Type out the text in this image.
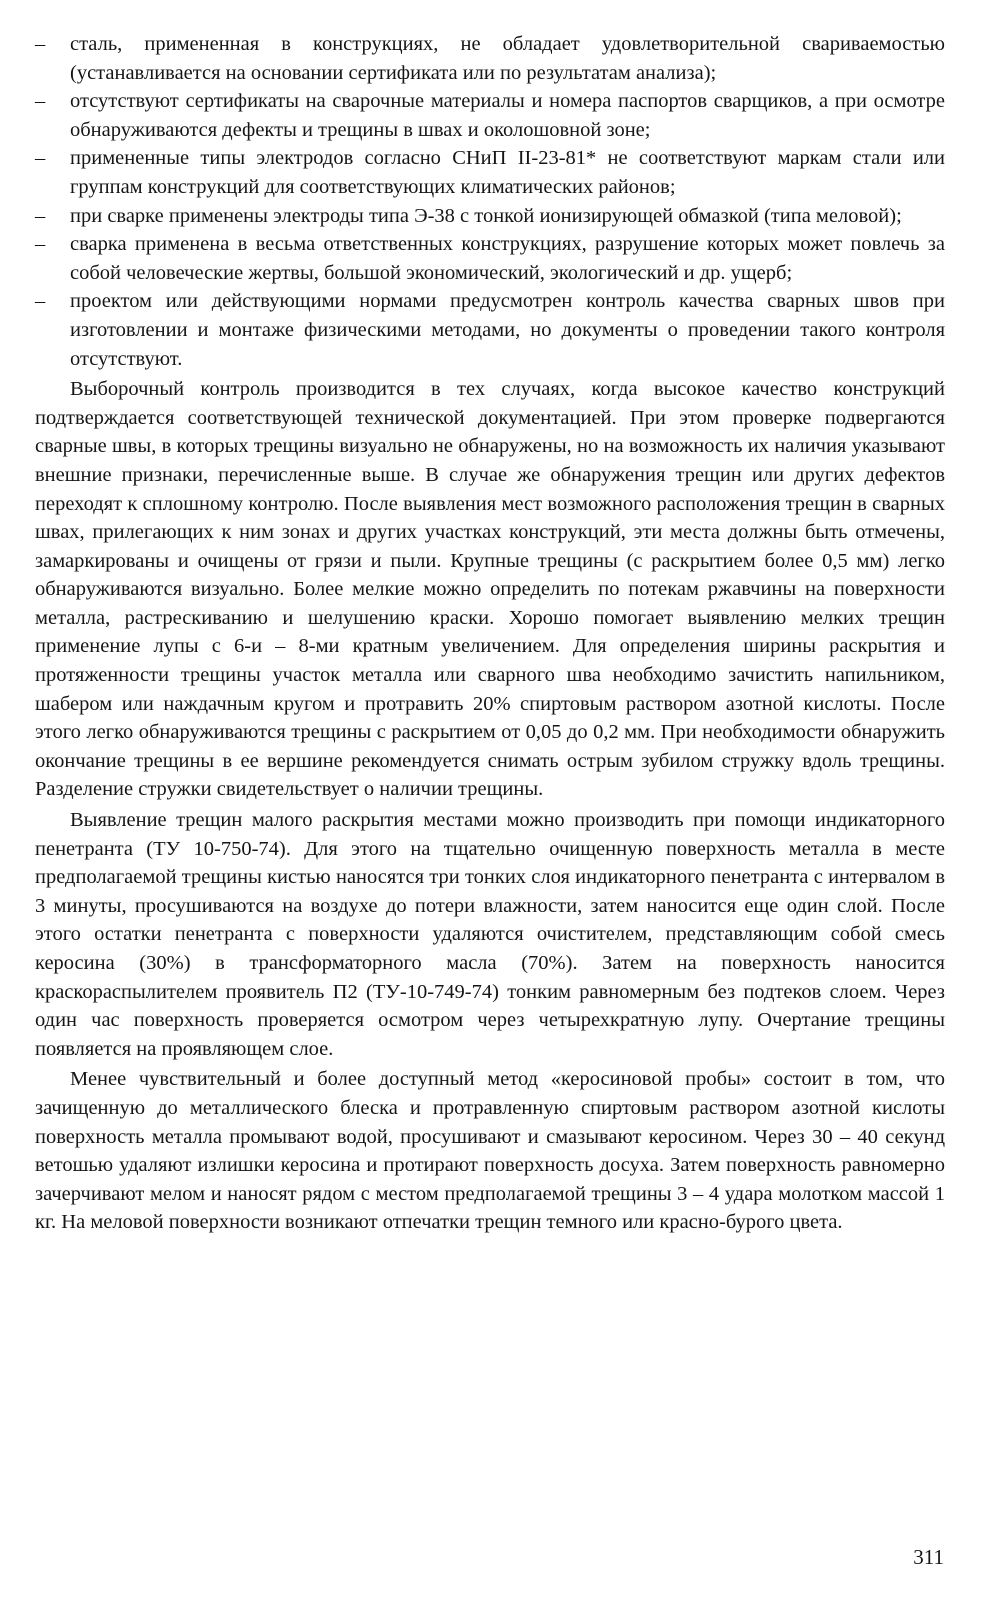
– сталь, примененная в конструкциях, не обладает удовлетворительной свариваемостью (устанавливается на основании сертификата или по результатам анализа);
– отсутствуют сертификаты на сварочные материалы и номера паспортов сварщиков, а при осмотре обнаруживаются дефекты и трещины в швах и околошовной зоне;
– примененные типы электродов согласно СНиП II-23-81* не соответствуют маркам стали или группам конструкций для соответствующих климатических районов;
– при сварке применены электроды типа Э-38 с тонкой ионизирующей обмазкой (типа меловой);
– сварка применена в весьма ответственных конструкциях, разрушение которых может повлечь за собой человеческие жертвы, большой экономический, экологический и др. ущерб;
– проектом или действующими нормами предусмотрен контроль качества сварных швов при изготовлении и монтаже физическими методами, но документы о проведении такого контроля отсутствуют.

Выборочный контроль производится в тех случаях, когда высокое качество конструкций подтверждается соответствующей технической документацией. При этом проверке подвергаются сварные швы, в которых трещины визуально не обнаружены, но на возможность их наличия указывают внешние признаки, перечисленные выше. В случае же обнаружения трещин или других дефектов переходят к сплошному контролю. После выявления мест возможного расположения трещин в сварных швах, прилегающих к ним зонах и других участках конструкций, эти места должны быть отмечены, замаркированы и очищены от грязи и пыли. Крупные трещины (с раскрытием более 0,5 мм) легко обнаруживаются визуально. Более мелкие можно определить по потекам ржавчины на поверхности металла, растрескиванию и шелушению краски. Хорошо помогает выявлению мелких трещин применение лупы с 6-и – 8-ми кратным увеличением. Для определения ширины раскрытия и протяженности трещины участок металла или сварного шва необходимо зачистить напильником, шабером или наждачным кругом и протравить 20% спиртовым раствором азотной кислоты. После этого легко обнаруживаются трещины с раскрытием от 0,05 до 0,2 мм. При необходимости обнаружить окончание трещины в ее вершине рекомендуется снимать острым зубилом стружку вдоль трещины. Разделение стружки свидетельствует о наличии трещины.

Выявление трещин малого раскрытия местами можно производить при помощи индикаторного пенетранта (ТУ 10-750-74). Для этого на тщательно очищенную поверхность металла в месте предполагаемой трещины кистью наносятся три тонких слоя индикаторного пенетранта с интервалом в 3 минуты, просушиваются на воздухе до потери влажности, затем наносится еще один слой. После этого остатки пенетранта с поверхности удаляются очистителем, представляющим собой смесь керосина (30%) в трансформаторного масла (70%). Затем на поверхность наносится краскораспылителем проявитель П2 (ТУ-10-749-74) тонким равномерным без подтеков слоем. Через один час поверхность проверяется осмотром через четырехкратную лупу. Очертание трещины появляется на проявляющем слое.

Менее чувствительный и более доступный метод «керосиновой пробы» состоит в том, что зачищенную до металлического блеска и протравленную спиртовым раствором азотной кислоты поверхность металла промывают водой, просушивают и смазывают керосином. Через 30 – 40 секунд ветошью удаляют излишки керосина и протирают поверхность досуха. Затем поверхность равномерно зачерчивают мелом и наносят рядом с местом предполагаемой трещины 3 – 4 удара молотком массой 1 кг. На меловой поверхности возникают отпечатки трещин темного или красно-бурого цвета.

311
